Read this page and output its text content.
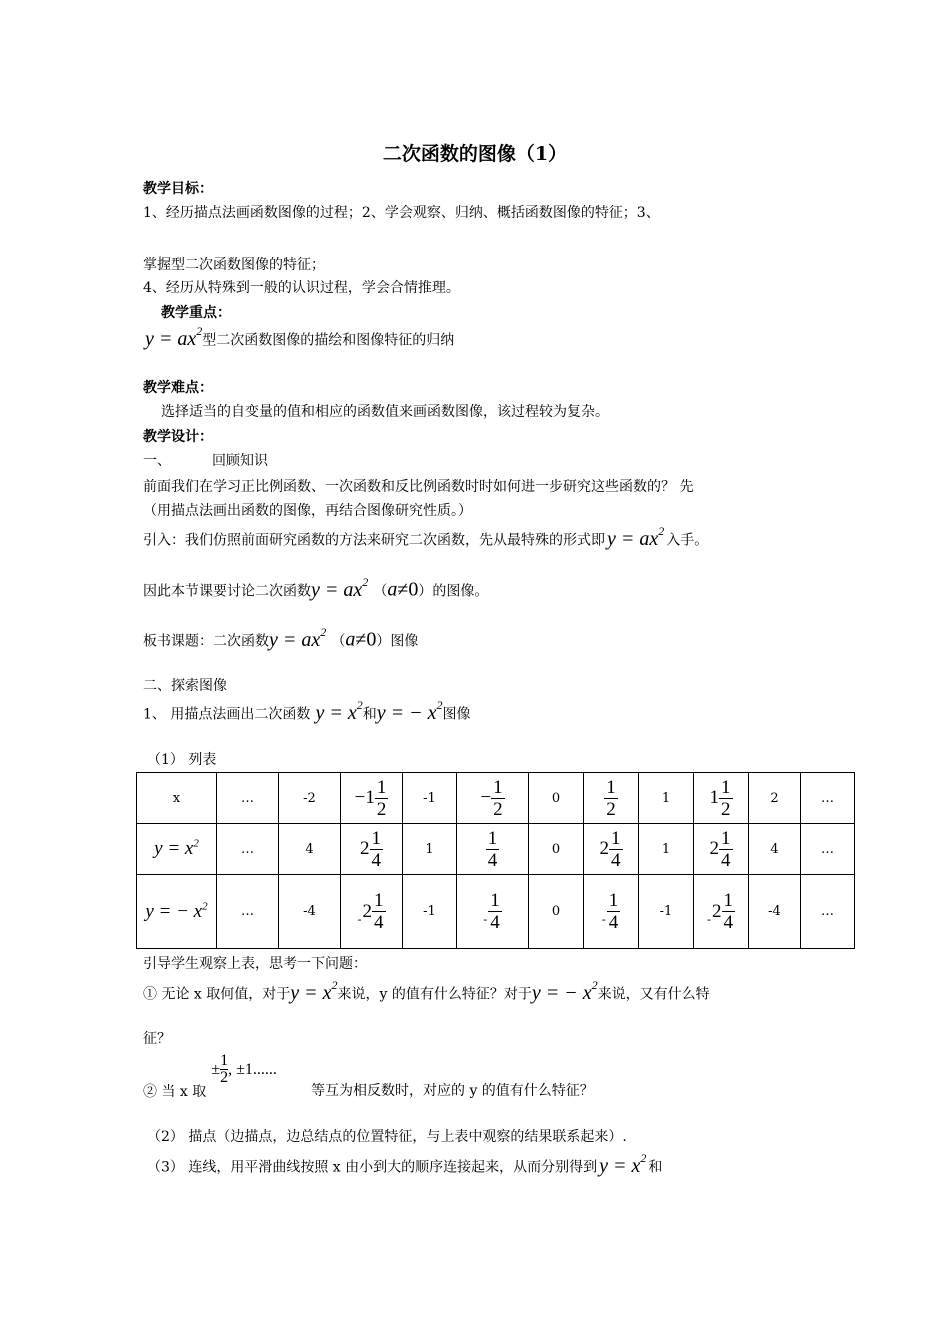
二次函数的图像（1）
教学目标：
1、经历描点法画函数图像的过程；2、学会观察、归纳、概括函数图像的特征；3、
掌握型二次函数图像的特征；
4、经历从特殊到一般的认识过程，学会合情推理。
教学重点：
$y = ax^2$型二次函数图像的描绘和图像特征的归纳
教学难点：
选择适当的自变量的值和相应的函数值来画函数图像，该过程较为复杂。
教学设计：
一、	回顾知识
前面我们在学习正比例函数、一次函数和反比例函数时时如何进一步研究这些函数的？ 先
（用描点法画出函数的图像，再结合图像研究性质。）
引入：我们仿照前面研究函数的方法来研究二次函数，先从最特殊的形式即 $y = ax^2$入手。
因此本节课要讨论二次函数$y = ax^2$ （a≠0）的图像。
板书课题：二次函数$y = ax^2$ （a≠0）图像
二、探索图像
1、 用描点法画出二次函数 $y = x^2$和y = − $x^2$图像
（1） 列表
x	…	-2	$-1 \frac{1}{2}$	-1	− $\frac{1}{2}$	0	$\frac{1}{2}$	1	$1 \frac{1}{2}$	2	…
$y = x^2$	…	4	$2 \frac{1}{4}$	1	$\frac{1}{4}$	0	$2 \frac{1}{4}$	1	$2 \frac{1}{4}$	4	…
y = − $x^2$	…	-4	- $2 \frac{1}{4}$	-1	- $\frac{1}{4}$	0	- $\frac{1}{4}$	-1	- $2 \frac{1}{4}$	-4	…
引导学生观察上表，思考一下问题：
① 无论 x 取何值，对于$y = x^2$来说，y 的值有什么特征？对于y = − $x^2$来说，又有什么特
征？
② 当 x 取
± $\frac{1}{2}$ , ±1......
等互为相反数时，对应的 y 的值有什么特征？
（2） 描点（边描点，边总结点的位置特征，与上表中观察的结果联系起来）.
（3） 连线，用平滑曲线按照 x 由小到大的顺序连接起来，从而分别得到 $y = x^2$和
